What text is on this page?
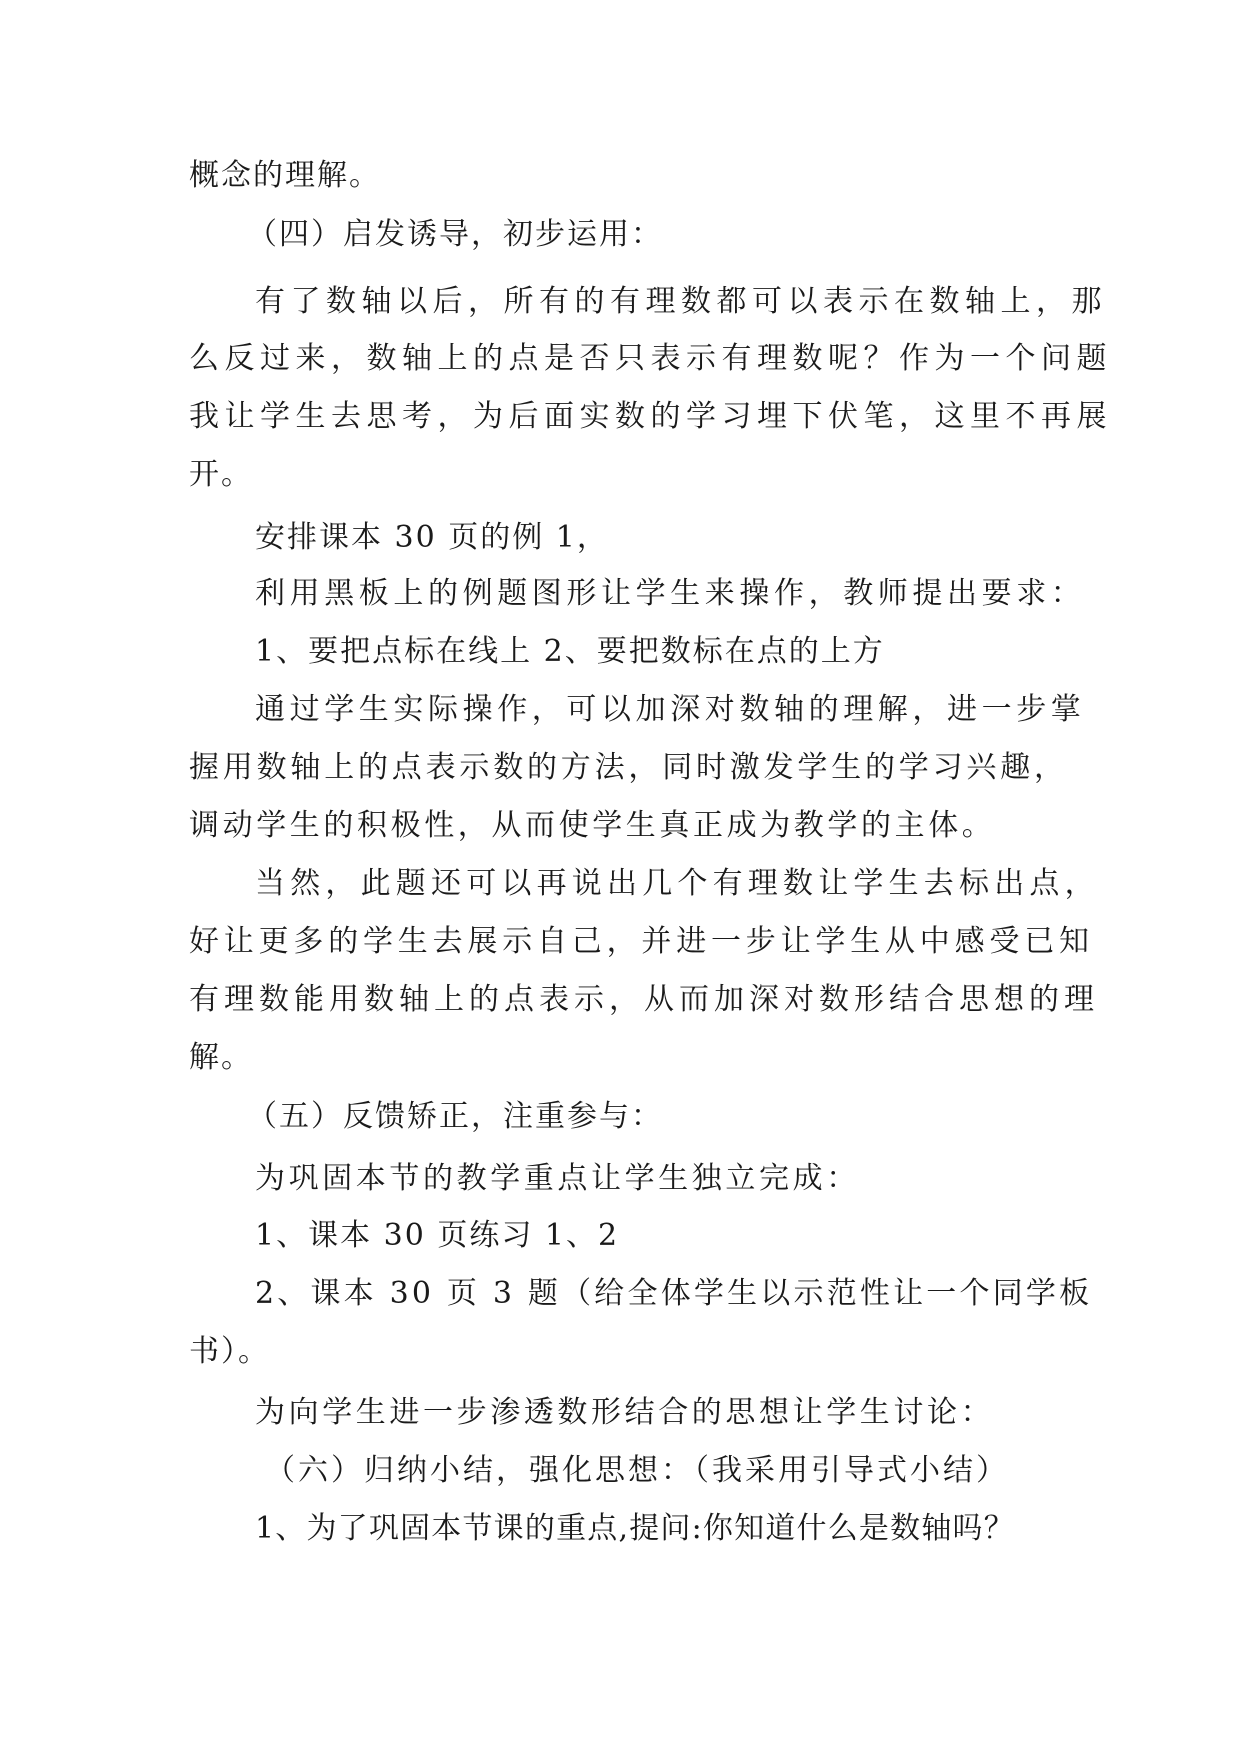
概念的理解。
（四）启发诱导，初步运用：
有了数轴以后，所有的有理数都可以表示在数轴上，那
么反过来，数轴上的点是否只表示有理数呢？作为一个问题
我让学生去思考，为后面实数的学习埋下伏笔，这里不再展
开。
安排课本 30 页的例 1，
利用黑板上的例题图形让学生来操作，教师提出要求：
1、要把点标在线上 2、要把数标在点的上方
通过学生实际操作，可以加深对数轴的理解，进一步掌
握用数轴上的点表示数的方法，同时激发学生的学习兴趣，
调动学生的积极性，从而使学生真正成为教学的主体。
当然，此题还可以再说出几个有理数让学生去标出点，
好让更多的学生去展示自己，并进一步让学生从中感受已知
有理数能用数轴上的点表示，从而加深对数形结合思想的理
解。
（五）反馈矫正，注重参与：
为巩固本节的教学重点让学生独立完成：
1、课本 30 页练习 1、2
2、课本 30 页 3 题（给全体学生以示范性让一个同学板
书）。
为向学生进一步渗透数形结合的思想让学生讨论：
（六）归纳小结，强化思想：（我采用引导式小结）
1、为了巩固本节课的重点,提问:你知道什么是数轴吗？
